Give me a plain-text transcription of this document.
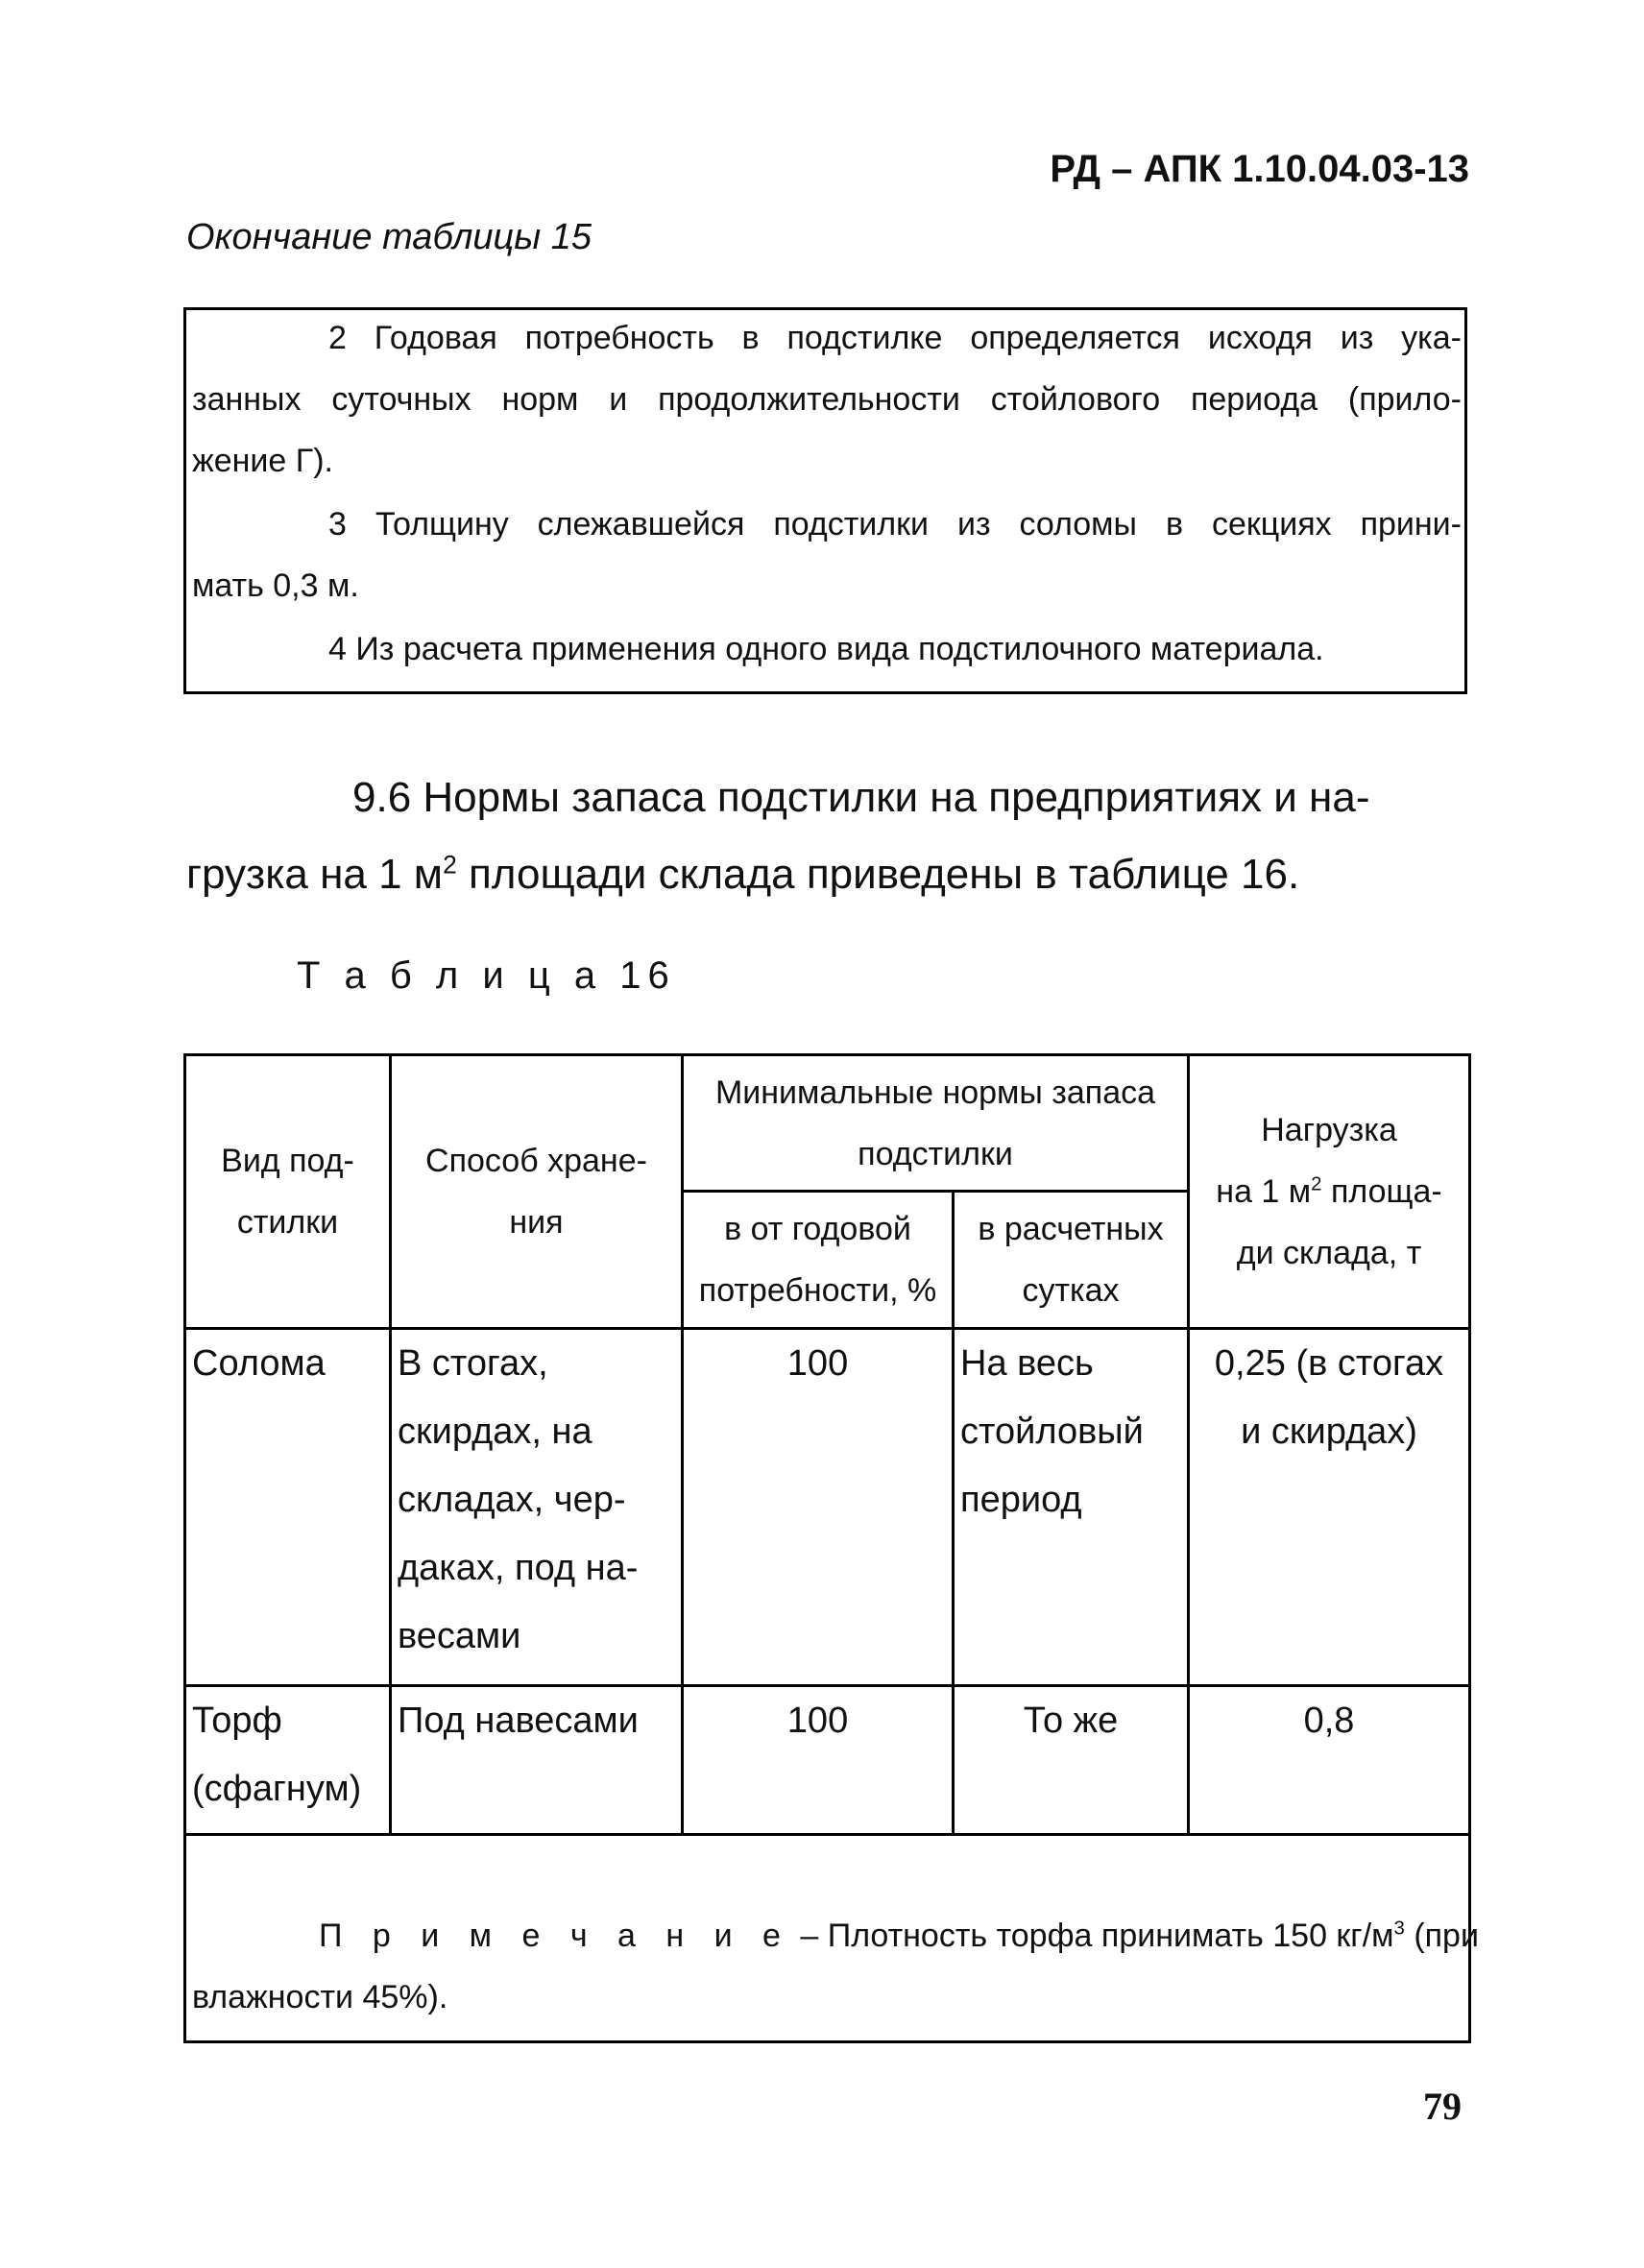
РД – АПК 1.10.04.03-13
Окончание таблицы 15

2 Годовая потребность в подстилке определяется исходя из ука-

занных суточных норм и продолжительности стойлового периода (прило-

жение Г).

3 Толщину слежавшейся подстилки из соломы в секциях прини-

мать 0,3 м.

4 Из расчета применения одного вида подстилочного материала.

9.6 Нормы запаса подстилки на предприятиях и на-
грузка на 1 $м^2$ площади склада приведены в таблице 16.
Т а б л и ц а 16
Вид под-
стилки	Способ хране-
ния	Минимальные нормы запаса
подстилки		Нагрузка
на 1 $м^2$ площа-
ди склада, т
		в от годовой
потребности, %	в расчетных
сутках	
Солома	В стогах,
скирдах, на
складах, чер-
даках, под на-
весами	100	На весь
стойловый
период	0,25 (в стогах
и скирдах)
Торф
(сфагнум)	Под навесами	100	То же	0,8

П р и м е ч а н и е – Плотность торфа принимать 150 $кг/м^3$ (при
влажности 45%).				
79
